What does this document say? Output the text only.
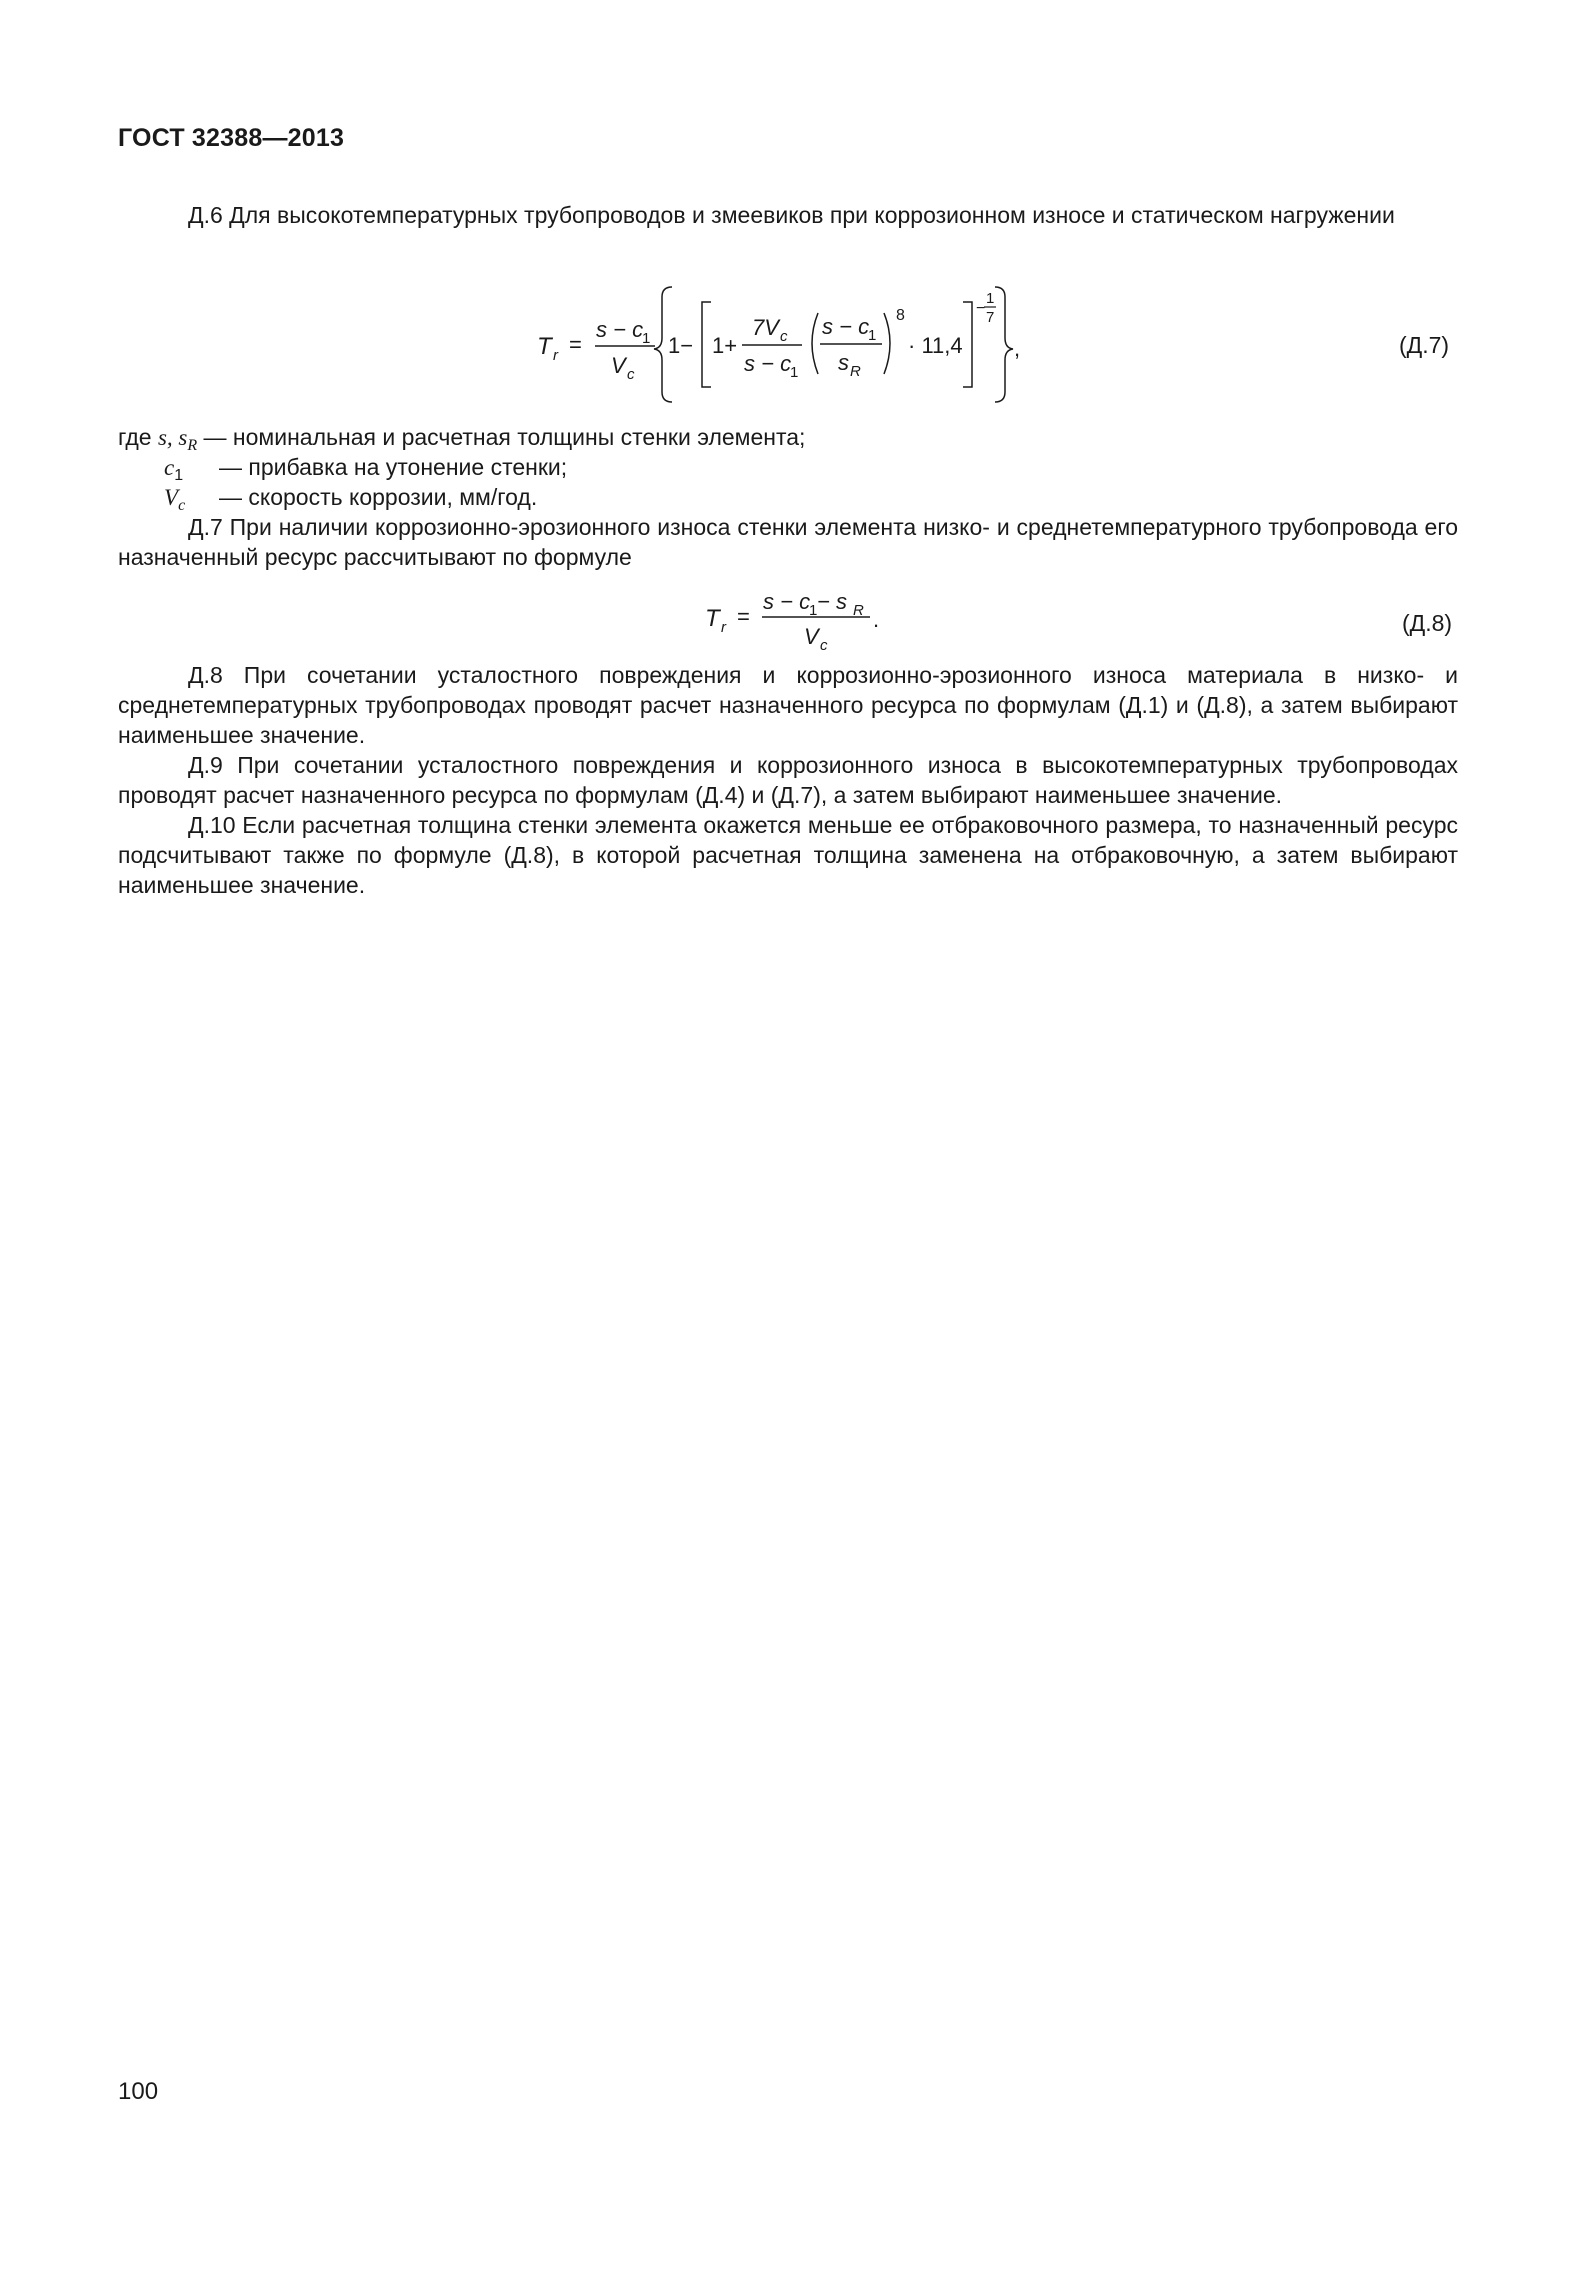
ГОСТ 32388—2013
Д.6 Для высокотемпературных трубопроводов и змеевиков при коррозионном износе и статическом нагружении
T r =
s − c
1
V c
1− 1+
7V c
s − c
1
s − c
1
s R
8
· 11,4
−
1
7
,	(Д.7)
где s, $s_R$ — номинальная и расчетная толщины стенки элемента;
$c_1$ — прибавка на утонение стенки;
$V_c$ — скорость коррозии, мм/год.
Д.7 При наличии коррозионно-эрозионного износа стенки элемента низко- и среднетемпературного трубопровода его назначенный ресурс рассчитывают по формуле
T r =
s − c
1 − s R
V c
.	(Д.8)
Д.8 При сочетании усталостного повреждения и коррозионно-эрозионного износа материала в низко- и среднетемпературных трубопроводах проводят расчет назначенного ресурса по формулам (Д.1) и (Д.8), а затем выбирают наименьшее значение.
Д.9 При сочетании усталостного повреждения и коррозионного износа в высокотемпературных трубопроводах проводят расчет назначенного ресурса по формулам (Д.4) и (Д.7), а затем выбирают наименьшее значение.
Д.10 Если расчетная толщина стенки элемента окажется меньше ее отбраковочного размера, то назначенный ресурс подсчитывают также по формуле (Д.8), в которой расчетная толщина заменена на отбраковочную, а затем выбирают наименьшее значение.
100
